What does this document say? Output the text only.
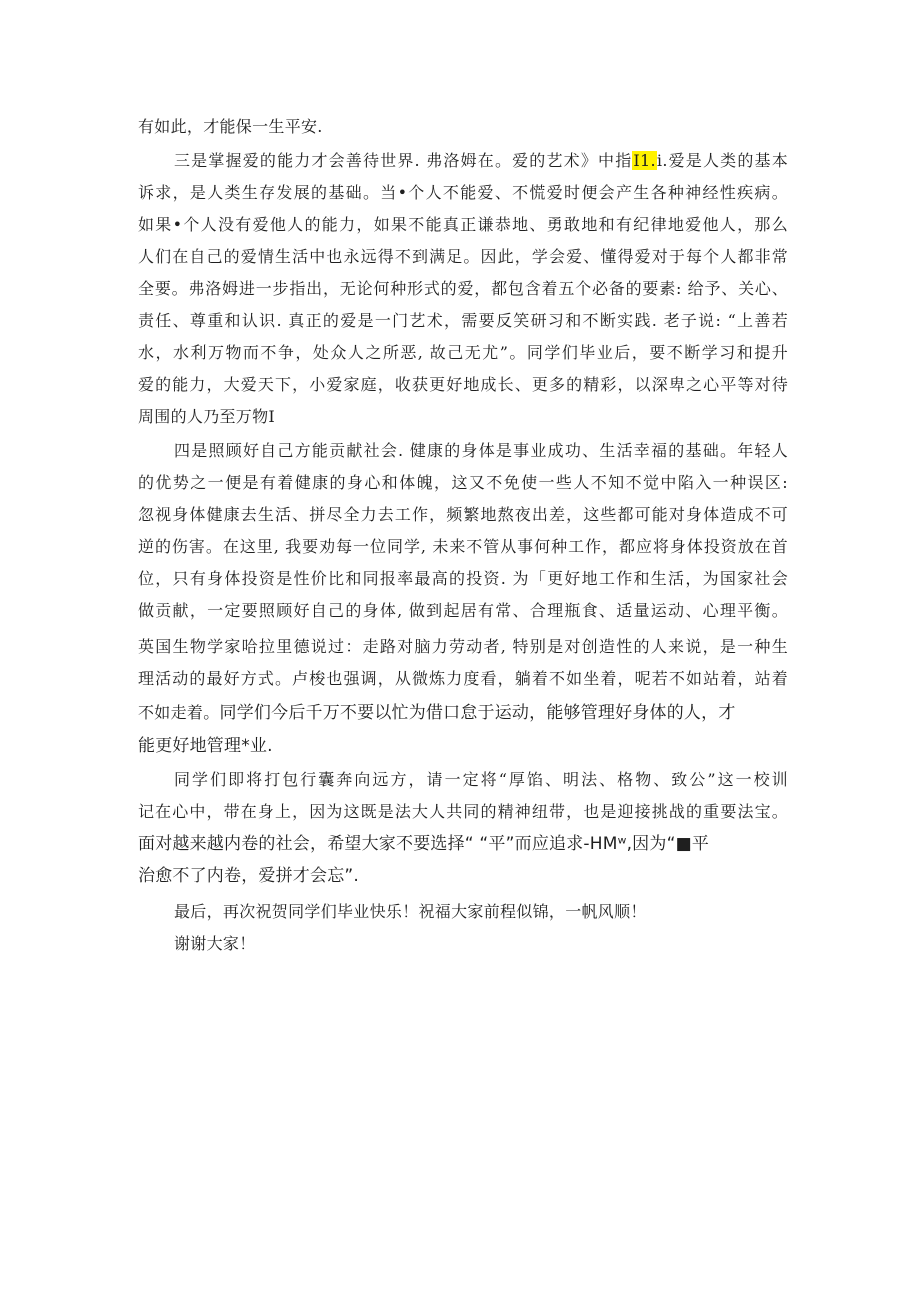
有如此，才能保一生平安.
三是掌握爱的能力才会善待世界. 弗洛姆在。爱的艺术》中指I1.i.爱是人类的基本
诉求，是人类生存发展的基础。当•个人不能爱、不慌爱时便会产生各种神经性疾病。
如果•个人没有爱他人的能力，如果不能真正谦恭地、勇敢地和有纪律地爱他人，那么
人们在自己的爱情生活中也永远得不到满足。因此，学会爱、懂得爱对于每个人都非常
全要。弗洛姆进一步指出，无论何种形式的爱，都包含着五个必备的要素: 给予、关心、
责任、尊重和认识. 真正的爱是一门艺术，需要反笑研习和不断实践. 老子说: “上善若
水，水利万物而不争，处众人之所恶, 故己无尤”。同学们毕业后，要不断学习和提升
爱的能力，大爱天下，小爱家庭，收获更好地成长、更多的精彩，以深卑之心平等对待
周围的人乃至万物I
四是照顾好自己方能贡献社会. 健康的身体是事业成功、生活幸福的基础。年轻人
的优势之一便是有着健康的身心和体魄，这又不免使一些人不知不觉中陷入一种误区:
忽视身体健康去生活、拼尽全力去工作，频繁地熬夜出差，这些都可能对身体造成不可
逆的伤害。在这里, 我要劝每一位同学, 未来不管从事何种工作，都应将身体投资放在首
位，只有身体投资是性价比和同报率最高的投资. 为「更好地工作和生活，为国家社会
做贡献，一定要照顾好自己的身体, 做到起居有常、合理瓶食、适量运动、心理平衡。
英国生物学家哈拉里德说过：走路对脑力劳动者, 特别是对创造性的人来说，是一种生
理活动的最好方式。卢梭也强调，从微炼力度看，躺着不如坐着，呢若不如站着，站着
不如走着。同学们今后千万不要以忙为借口怠于运动，能够管理好身体的人，才
能更好地管理*业.
同学们即将打包行囊奔向远方，请一定将“厚馅、明法、格物、致公”这一校训
记在心中，带在身上，因为这既是法大人共同的精神纽带，也是迎接挑战的重要法宝。
面对越来越内卷的社会，希望大家不要选择“ “平”而应追求-HMʷ,因为“■平
治愈不了内卷，爱拼才会忘”.
最后，再次祝贺同学们毕业快乐！祝福大家前程似锦，一帆风顺！
谢谢大家！
